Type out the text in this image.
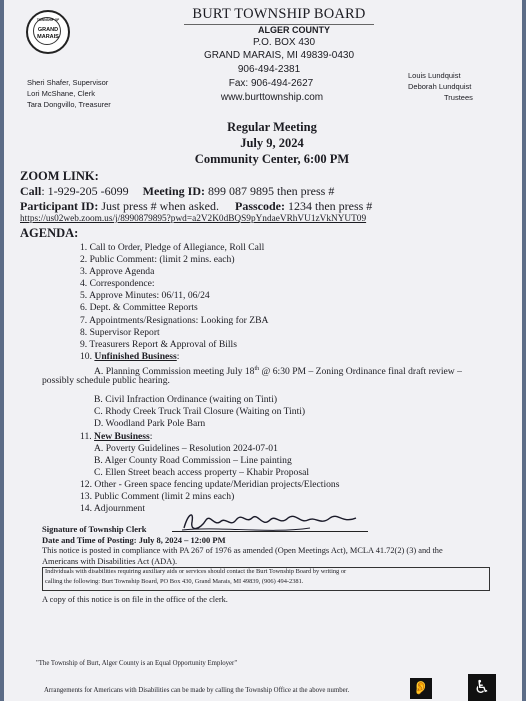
TOWNSHIP OF
GRAND
MARAIS
BURT TOWNSHIP BOARD
ALGER COUNTY
P.O. BOX 430
GRAND MARAIS, MI 49839-0430
906-494-2381
Fax: 906-494-2627
www.burttownship.com
Sheri Shafer, Supervisor
Lori McShane, Clerk
Tara Dongvillo, Treasurer
Louis Lundquist
Deborah Lundquist
Trustees
Regular Meeting
July 9, 2024
Community Center, 6:00 PM
ZOOM LINK:
Call: 1-929-205 -6099 Meeting ID: 899 087 9895 then press #
Participant ID: Just press # when asked. Passcode: 1234 then press #
https://us02web.zoom.us/j/8990879895?pwd=a2V2K0dBQS9pYndaeVRhVU1zVkNYUT09
AGENDA:
1. Call to Order, Pledge of Allegiance, Roll Call
2. Public Comment: (limit 2 mins. each)
3. Approve Agenda
4. Correspondence:
5. Approve Minutes: 06/11, 06/24
6. Dept. & Committee Reports
7. Appointments/Resignations: Looking for ZBA
8. Supervisor Report
9. Treasurers Report & Approval of Bills
10. Unfinished Business:
A. Planning Commission meeting July 18th @ 6:30 PM – Zoning Ordinance final draft review –
possibly schedule public hearing.
B. Civil Infraction Ordinance (waiting on Tinti)
C. Rhody Creek Truck Trail Closure (Waiting on Tinti)
D. Woodland Park Pole Barn
11. New Business:
A. Poverty Guidelines – Resolution 2024-07-01
B. Alger County Road Commission – Line painting
C. Ellen Street beach access property – Khabir Proposal
12. Other - Green space fencing update/Meridian projects/Elections
13. Public Comment (limit 2 mins each)
14. Adjournment
Signature of Township Clerk
Date and Time of Posting: July 8, 2024 – 12:00 PM
This notice is posted in compliance with PA 267 of 1976 as amended (Open Meetings Act), MCLA 41.72(2) (3) and the
Americans with Disabilities Act (ADA).
Individuals with disabilities requiring auxiliary aids or services should contact the Burt Township Board by writing or
calling the following: Burt Township Board, PO Box 430, Grand Marais, MI 49839, (906) 494-2381.
A copy of this notice is on file in the office of the clerk.
"The Township of Burt, Alger County is an Equal Opportunity Employer"
Arrangements for Americans with Disabilities can be made by calling the Township Office at the above number.	👂	♿
